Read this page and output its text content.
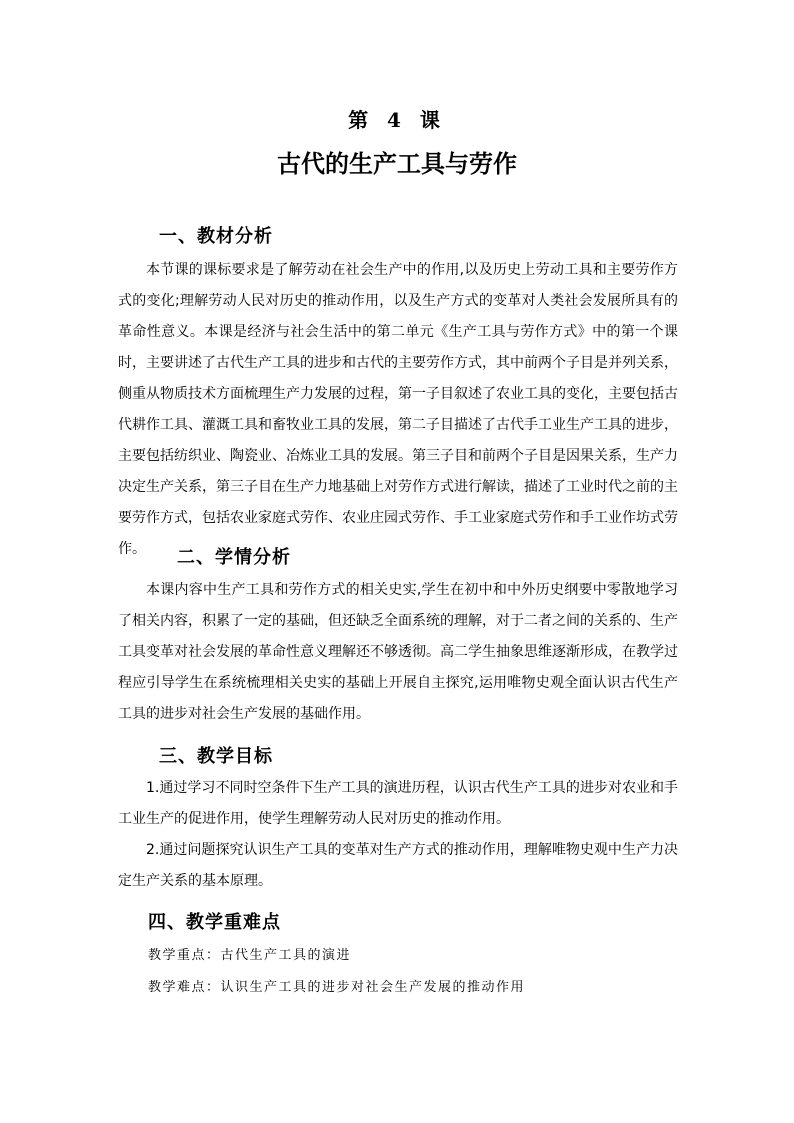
第 4 课
古代的生产工具与劳作
一、教材分析

本节课的课标要求是了解劳动在社会生产中的作用,以及历史上劳动工具和主要劳作方式的变化;理解劳动人民对历史的推动作用，以及生产方式的变革对人类社会发展所具有的革命性意义。本课是经济与社会生活中的第二单元《生产工具与劳作方式》中的第一个课时，主要讲述了古代生产工具的进步和古代的主要劳作方式，其中前两个子目是并列关系，侧重从物质技术方面梳理生产力发展的过程，第一子目叙述了农业工具的变化，主要包括古代耕作工具、灌溉工具和畜牧业工具的发展，第二子目描述了古代手工业生产工具的进步，主要包括纺织业、陶瓷业、冶炼业工具的发展。第三子目和前两个子目是因果关系，生产力决定生产关系，第三子目在生产力地基础上对劳作方式进行解读，描述了工业时代之前的主要劳作方式，包括农业家庭式劳作、农业庄园式劳作、手工业家庭式劳作和手工业作坊式劳作。	二、学情分析

本课内容中生产工具和劳作方式的相关史实,学生在初中和中外历史纲要中零散地学习了相关内容，积累了一定的基础，但还缺乏全面系统的理解，对于二者之间的关系的、生产工具变革对社会发展的革命性意义理解还不够透彻。高二学生抽象思维逐渐形成，在教学过程应引导学生在系统梳理相关史实的基础上开展自主探究,运用唯物史观全面认识古代生产工具的进步对社会生产发展的基础作用。

三、教学目标

1.通过学习不同时空条件下生产工具的演进历程，认识古代生产工具的进步对农业和手工业生产的促进作用，使学生理解劳动人民对历史的推动作用。

2.通过问题探究认识生产工具的变革对生产方式的推动作用，理解唯物史观中生产力决定生产关系的基本原理。

四、教学重难点
教学重点：古代生产工具的演进
教学难点：认识生产工具的进步对社会生产发展的推动作用
